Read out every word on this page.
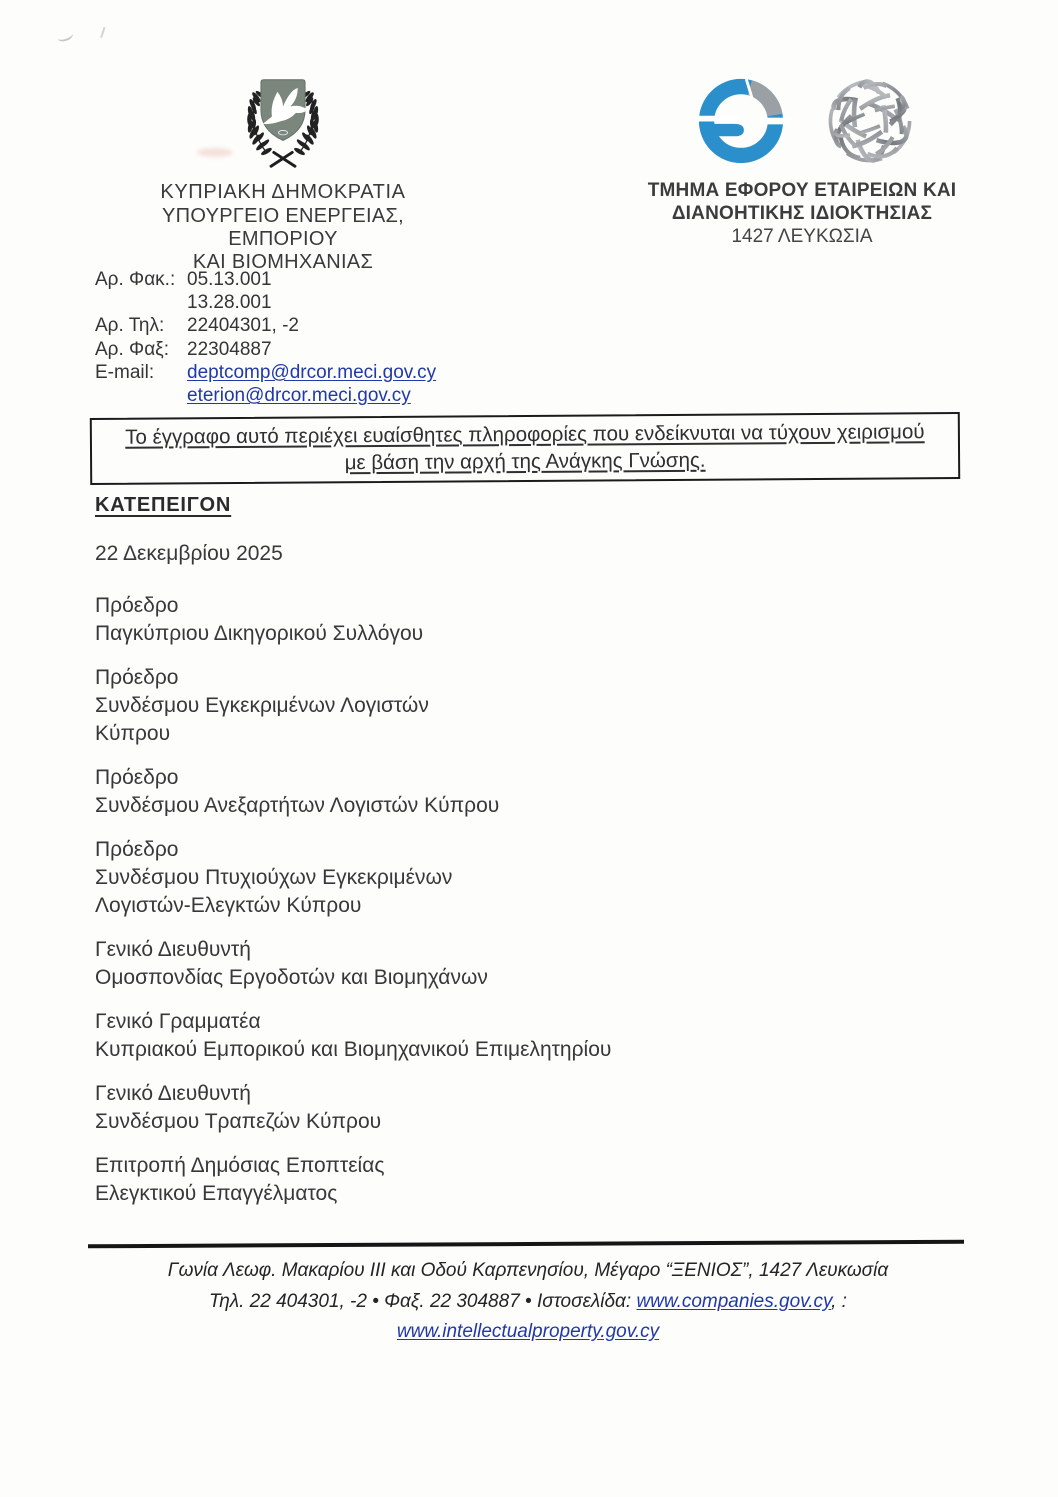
ΚΥΠΡΙΑΚΗ ΔΗΜΟΚΡΑΤΙΑ
ΥΠΟΥΡΓΕΙΟ ΕΝΕΡΓΕΙΑΣ, ΕΜΠΟΡΙΟΥ
ΚΑΙ ΒΙΟΜΗΧΑΝΙΑΣ
ΤΜΗΜΑ ΕΦΟΡΟΥ ΕΤΑΙΡΕΙΩΝ ΚΑΙ
ΔΙΑΝΟΗΤΙΚΗΣ ΙΔΙΟΚΤΗΣΙΑΣ
1427 ΛΕΥΚΩΣΙΑ
Αρ. Φακ.: 05.13.001
13.28.001
Αρ. Τηλ:	22404301, -2
Αρ. Φαξ: 22304887
E-mail:	deptcomp@drcor.meci.gov.cy
eterion@drcor.meci.gov.cy
Το έγγραφο αυτό περιέχει ευαίσθητες πληροφορίες που ενδείκνυται να τύχουν χειρισμού
με βάση την αρχή της Ανάγκης Γνώσης.
ΚΑΤΕΠΕΙΓΟΝ
22 Δεκεμβρίου 2025
Πρόεδρο
Παγκύπριου Δικηγορικού Συλλόγου
Πρόεδρο
Συνδέσμου Εγκεκριμένων Λογιστών
Κύπρου
Πρόεδρο
Συνδέσμου Ανεξαρτήτων Λογιστών Κύπρου
Πρόεδρο
Συνδέσμου Πτυχιούχων Εγκεκριμένων
Λογιστών-Ελεγκτών Κύπρου
Γενικό Διευθυντή
Ομοσπονδίας Εργοδοτών και Βιομηχάνων
Γενικό Γραμματέα
Κυπριακού Εμπορικού και Βιομηχανικού Επιμελητηρίου
Γενικό Διευθυντή
Συνδέσμου Τραπεζών Κύπρου
Επιτροπή Δημόσιας Εποπτείας
Ελεγκτικού Επαγγέλματος
Γωνία Λεωφ. Μακαρίου ΙΙΙ και Οδού Καρπενησίου, Μέγαρο “ΞΕΝΙΟΣ”, 1427 Λευκωσία
Τηλ. 22 404301, -2 • Φαξ. 22 304887 • Ιστοσελίδα: www.companies.gov.cy, :
www.intellectualproperty.gov.cy
